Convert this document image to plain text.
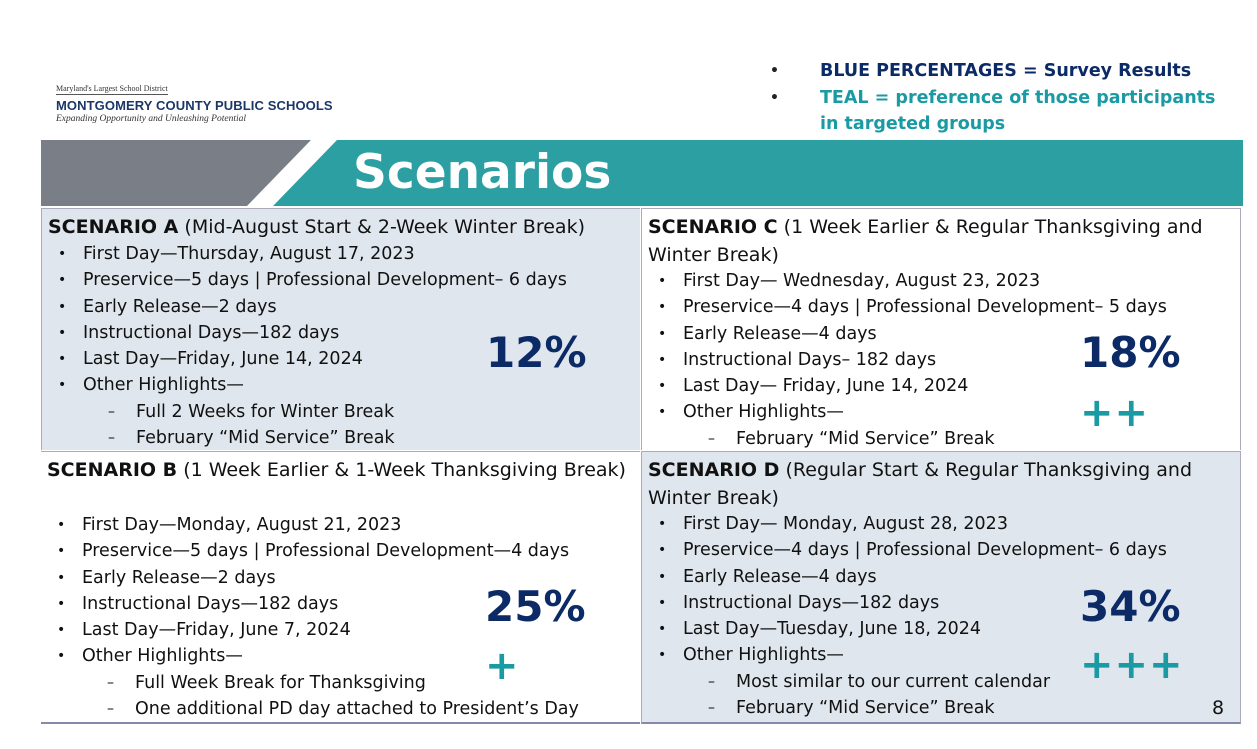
Maryland's Largest School District
MONTGOMERY COUNTY PUBLIC SCHOOLS
Expanding Opportunity and Unleashing Potential
• BLUE PERCENTAGES = Survey Results
• TEAL = preference of those participants
in targeted groups
Scenarios
SCENARIO A (Mid-August Start & 2-Week Winter Break)
• First Day—Thursday, August 17, 2023
• Preservice—5 days | Professional Development– 6 days
• Early Release—2 days
• Instructional Days—182 days
• Last Day—Friday, June 14, 2024
• Other Highlights—
– Full 2 Weeks for Winter Break
– February “Mid Service” Break
12%
SCENARIO C (1 Week Earlier & Regular Thanksgiving and Winter Break)
• First Day— Wednesday, August 23, 2023
• Preservice—4 days | Professional Development– 5 days
• Early Release—4 days
• Instructional Days– 182 days
• Last Day— Friday, June 14, 2024
• Other Highlights—
– February “Mid Service” Break
18%
++
SCENARIO B (1 Week Earlier & 1-Week Thanksgiving Break)
• First Day—Monday, August 21, 2023
• Preservice—5 days | Professional Development—4 days
• Early Release—2 days
• Instructional Days—182 days
• Last Day—Friday, June 7, 2024
• Other Highlights—
– Full Week Break for Thanksgiving
– One additional PD day attached to President’s Day
25%
+
SCENARIO D (Regular Start & Regular Thanksgiving and Winter Break)
• First Day— Monday, August 28, 2023
• Preservice—4 days | Professional Development– 6 days
• Early Release—4 days
• Instructional Days—182 days
• Last Day—Tuesday, June 18, 2024
• Other Highlights—
– Most similar to our current calendar
– February “Mid Service” Break
34%
+++
8
